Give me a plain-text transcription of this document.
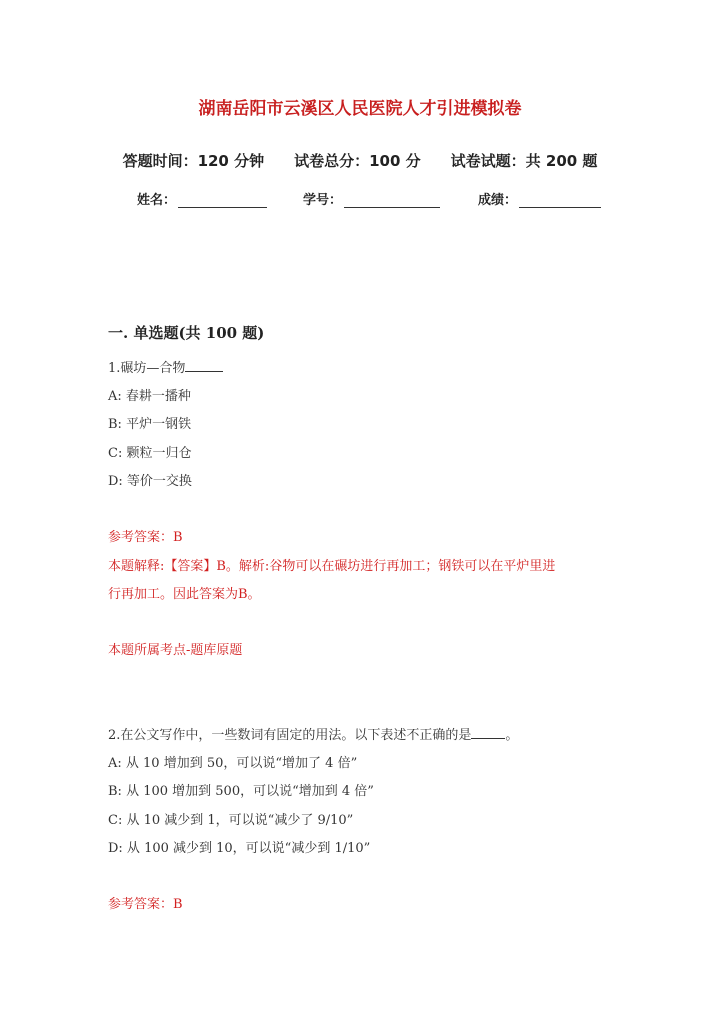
湖南岳阳市云溪区人民医院人才引进模拟卷
答题时间：120 分钟 试卷总分：100 分 试卷试题：共 200 题
姓名：	学号：	成绩：
一. 单选题(共 100 题)
1.碾坊—合物
A: 春耕一播种
B: 平炉一钢铁
C: 颗粒一归仓
D: 等价一交换
参考答案：B
本题解释:【答案】B。解析:谷物可以在碾坊进行再加工；钢铁可以在平炉里进
行再加工。因此答案为B。
本题所属考点-题库原题
2.在公文写作中，一些数词有固定的用法。以下表述不正确的是	。
A: 从 10 增加到 50，可以说“增加了 4 倍”
B: 从 100 增加到 500，可以说“增加到 4 倍”
C: 从 10 减少到 1，可以说“减少了 9/10”
D: 从 100 减少到 10，可以说“减少到 1/10”
参考答案：B
